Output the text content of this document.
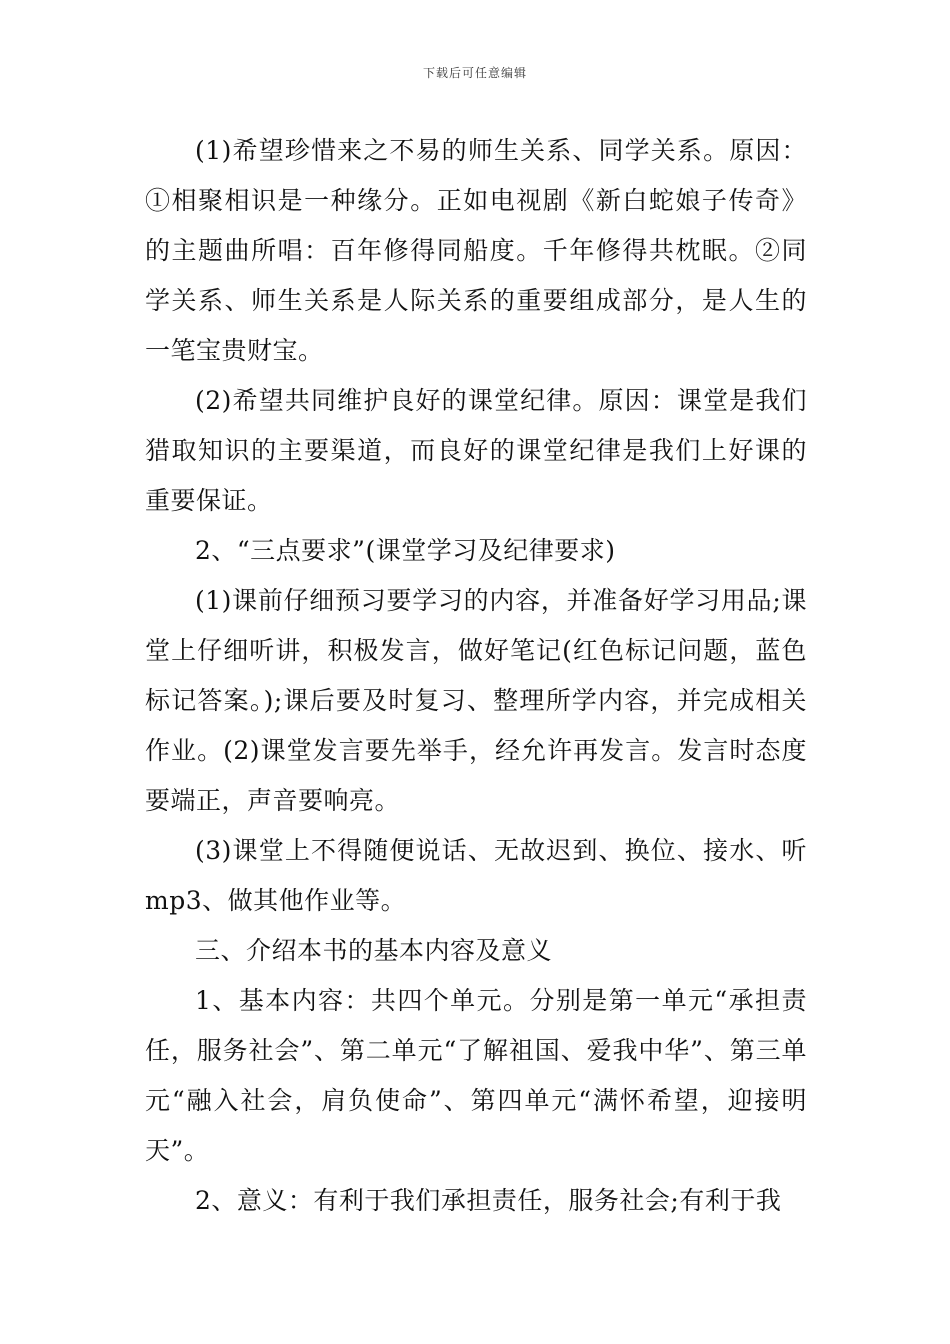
下载后可任意编辑

(1)希望珍惜来之不易的师生关系、同学关系。原因：①相聚相识是一种缘分。正如电视剧《新白蛇娘子传奇》的主题曲所唱：百年修得同船度。千年修得共枕眠。②同学关系、师生关系是人际关系的重要组成部分，是人生的一笔宝贵财宝。

(2)希望共同维护良好的课堂纪律。原因：课堂是我们猎取知识的主要渠道，而良好的课堂纪律是我们上好课的重要保证。

2、“三点要求”(课堂学习及纪律要求)

(1)课前仔细预习要学习的内容，并准备好学习用品;课堂上仔细听讲，积极发言，做好笔记(红色标记问题，蓝色标记答案。);课后要及时复习、整理所学内容，并完成相关作业。(2)课堂发言要先举手，经允许再发言。发言时态度要端正，声音要响亮。

(3)课堂上不得随便说话、无故迟到、换位、接水、听mp3、做其他作业等。

三、介绍本书的基本内容及意义

1、基本内容：共四个单元。分别是第一单元“承担责任，服务社会”、第二单元“了解祖国、爱我中华”、第三单元“融入社会，肩负使命”、第四单元“满怀希望，迎接明天”。

2、意义：有利于我们承担责任，服务社会;有利于我
